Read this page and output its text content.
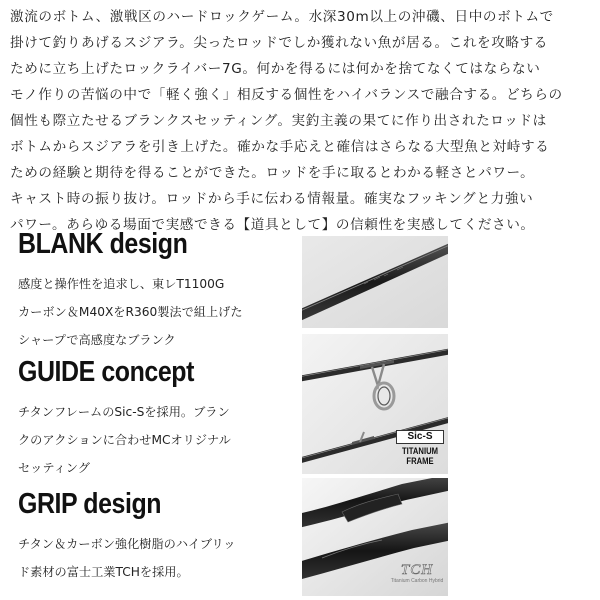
激流のボトム、激戦区のハードロックゲーム。水深30m以上の沖磯、日中のボトムで

掛けて釣りあげるスジアラ。尖ったロッドでしか獲れない魚が居る。これを攻略する

ために立ち上げたロックライバー7G。何かを得るには何かを捨てなくてはならない

モノ作りの苦悩の中で「軽く強く」相反する個性をハイバランスで融合する。どちらの

個性も際立たせるブランクスセッティング。実釣主義の果てに作り出されたロッドは

ボトムからスジアラを引き上げた。確かな手応えと確信はさらなる大型魚と対峙する

ための経験と期待を得ることができた。ロッドを手に取るとわかる軽さとパワー。

キャスト時の振り抜け。ロッドから手に伝わる情報量。確実なフッキングと力強い

パワー。あらゆる場面で実感できる【道具として】の信頼性を実感してください。

BLANK design

感度と操作性を追求し、東レT1100G

カーボン＆M40XをR360製法で組上げた

シャープで高感度なブランク

GUIDE concept

チタンフレームのSic-Sを採用。ブラン

クのアクションに合わせMCオリジナル

セッティング

Sic-S
TITANIUM
FRAME
GRIP design

チタン＆カーボン強化樹脂のハイブリッ

ド素材の富士工業TCHを採用。	TCH
Titanium Carbon Hybrid
